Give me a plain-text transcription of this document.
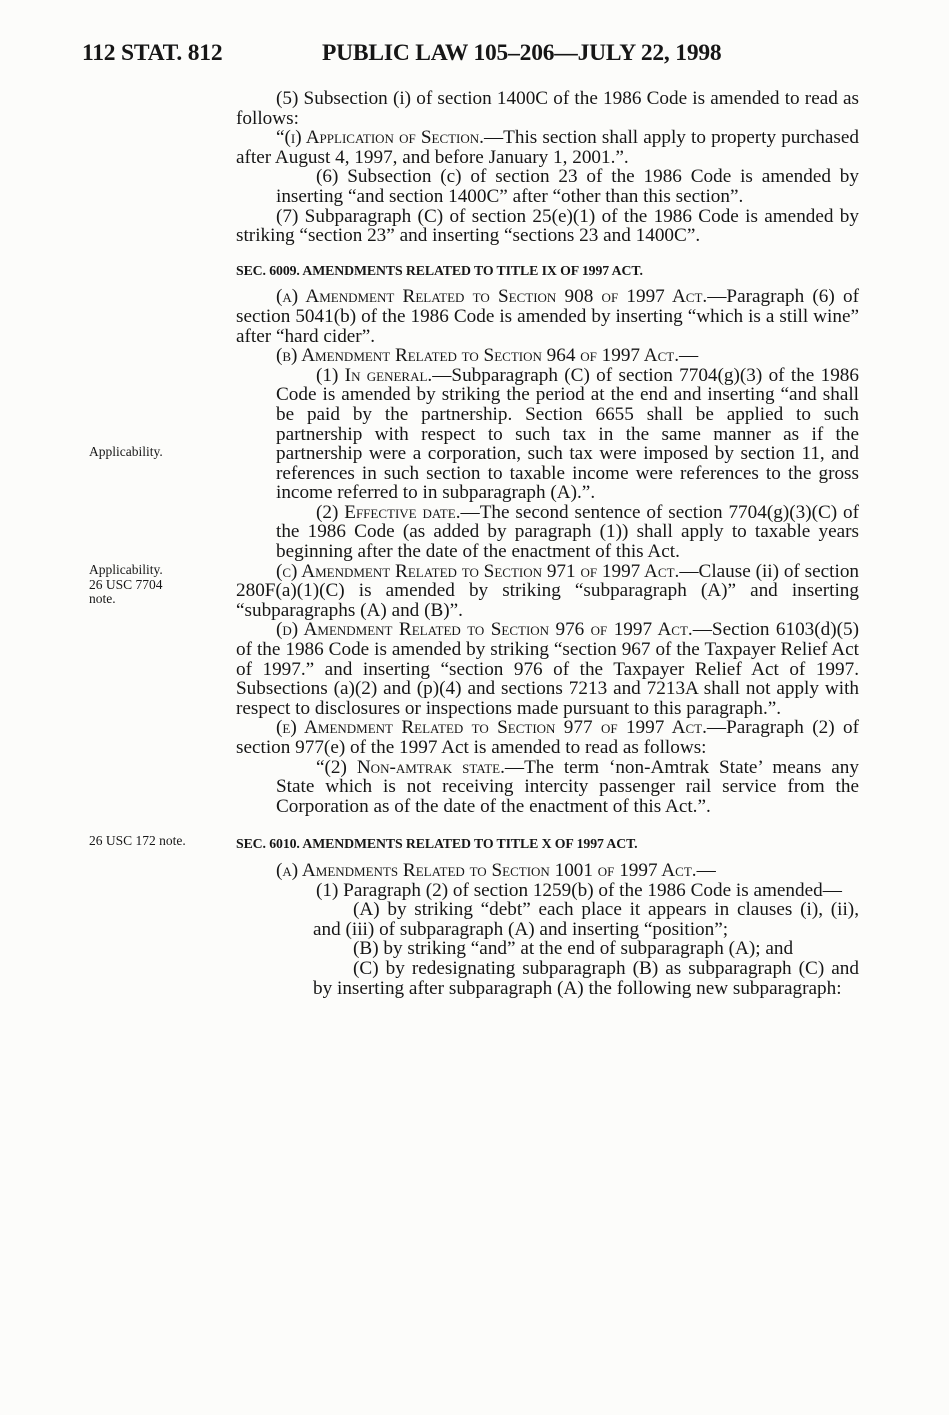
112 STAT. 812	PUBLIC LAW 105–206—JULY 22, 1998
Applicability.
Applicability.
26 USC 7704
note.
26 USC 172 note.

(5) Subsection (i) of section 1400C of the 1986 Code is amended to read as follows:

“(i) Application of Section.—This section shall apply to property purchased after August 4, 1997, and before January 1, 2001.”.

(6) Subsection (c) of section 23 of the 1986 Code is amended by inserting “and section 1400C” after “other than this section”.

(7) Subparagraph (C) of section 25(e)(1) of the 1986 Code is amended by striking “section 23” and inserting “sections 23 and 1400C”.

SEC. 6009. AMENDMENTS RELATED TO TITLE IX OF 1997 ACT.

(a) Amendment Related to Section 908 of 1997 Act.—Paragraph (6) of section 5041(b) of the 1986 Code is amended by inserting “which is a still wine” after “hard cider”.

(b) Amendment Related to Section 964 of 1997 Act.—

(1) In general.—Subparagraph (C) of section 7704(g)(3) of the 1986 Code is amended by striking the period at the end and inserting “and shall be paid by the partnership. Section 6655 shall be applied to such partnership with respect to such tax in the same manner as if the partnership were a corporation, such tax were imposed by section 11, and references in such section to taxable income were references to the gross income referred to in subparagraph (A).”.

(2) Effective date.—The second sentence of section 7704(g)(3)(C) of the 1986 Code (as added by paragraph (1)) shall apply to taxable years beginning after the date of the enactment of this Act.

(c) Amendment Related to Section 971 of 1997 Act.—Clause (ii) of section 280F(a)(1)(C) is amended by striking “subparagraph (A)” and inserting “subparagraphs (A) and (B)”.

(d) Amendment Related to Section 976 of 1997 Act.—Section 6103(d)(5) of the 1986 Code is amended by striking “section 967 of the Taxpayer Relief Act of 1997.” and inserting “section 976 of the Taxpayer Relief Act of 1997. Subsections (a)(2) and (p)(4) and sections 7213 and 7213A shall not apply with respect to disclosures or inspections made pursuant to this paragraph.”.

(e) Amendment Related to Section 977 of 1997 Act.—Paragraph (2) of section 977(e) of the 1997 Act is amended to read as follows:

“(2) Non-amtrak state.—The term ‘non-Amtrak State’ means any State which is not receiving intercity passenger rail service from the Corporation as of the date of the enactment of this Act.”.

SEC. 6010. AMENDMENTS RELATED TO TITLE X OF 1997 ACT.

(a) Amendments Related to Section 1001 of 1997 Act.—

(1) Paragraph (2) of section 1259(b) of the 1986 Code is amended—

(A) by striking “debt” each place it appears in clauses (i), (ii), and (iii) of subparagraph (A) and inserting “position”;

(B) by striking “and” at the end of subparagraph (A); and

(C) by redesignating subparagraph (B) as subparagraph (C) and by inserting after subparagraph (A) the following new subparagraph:
